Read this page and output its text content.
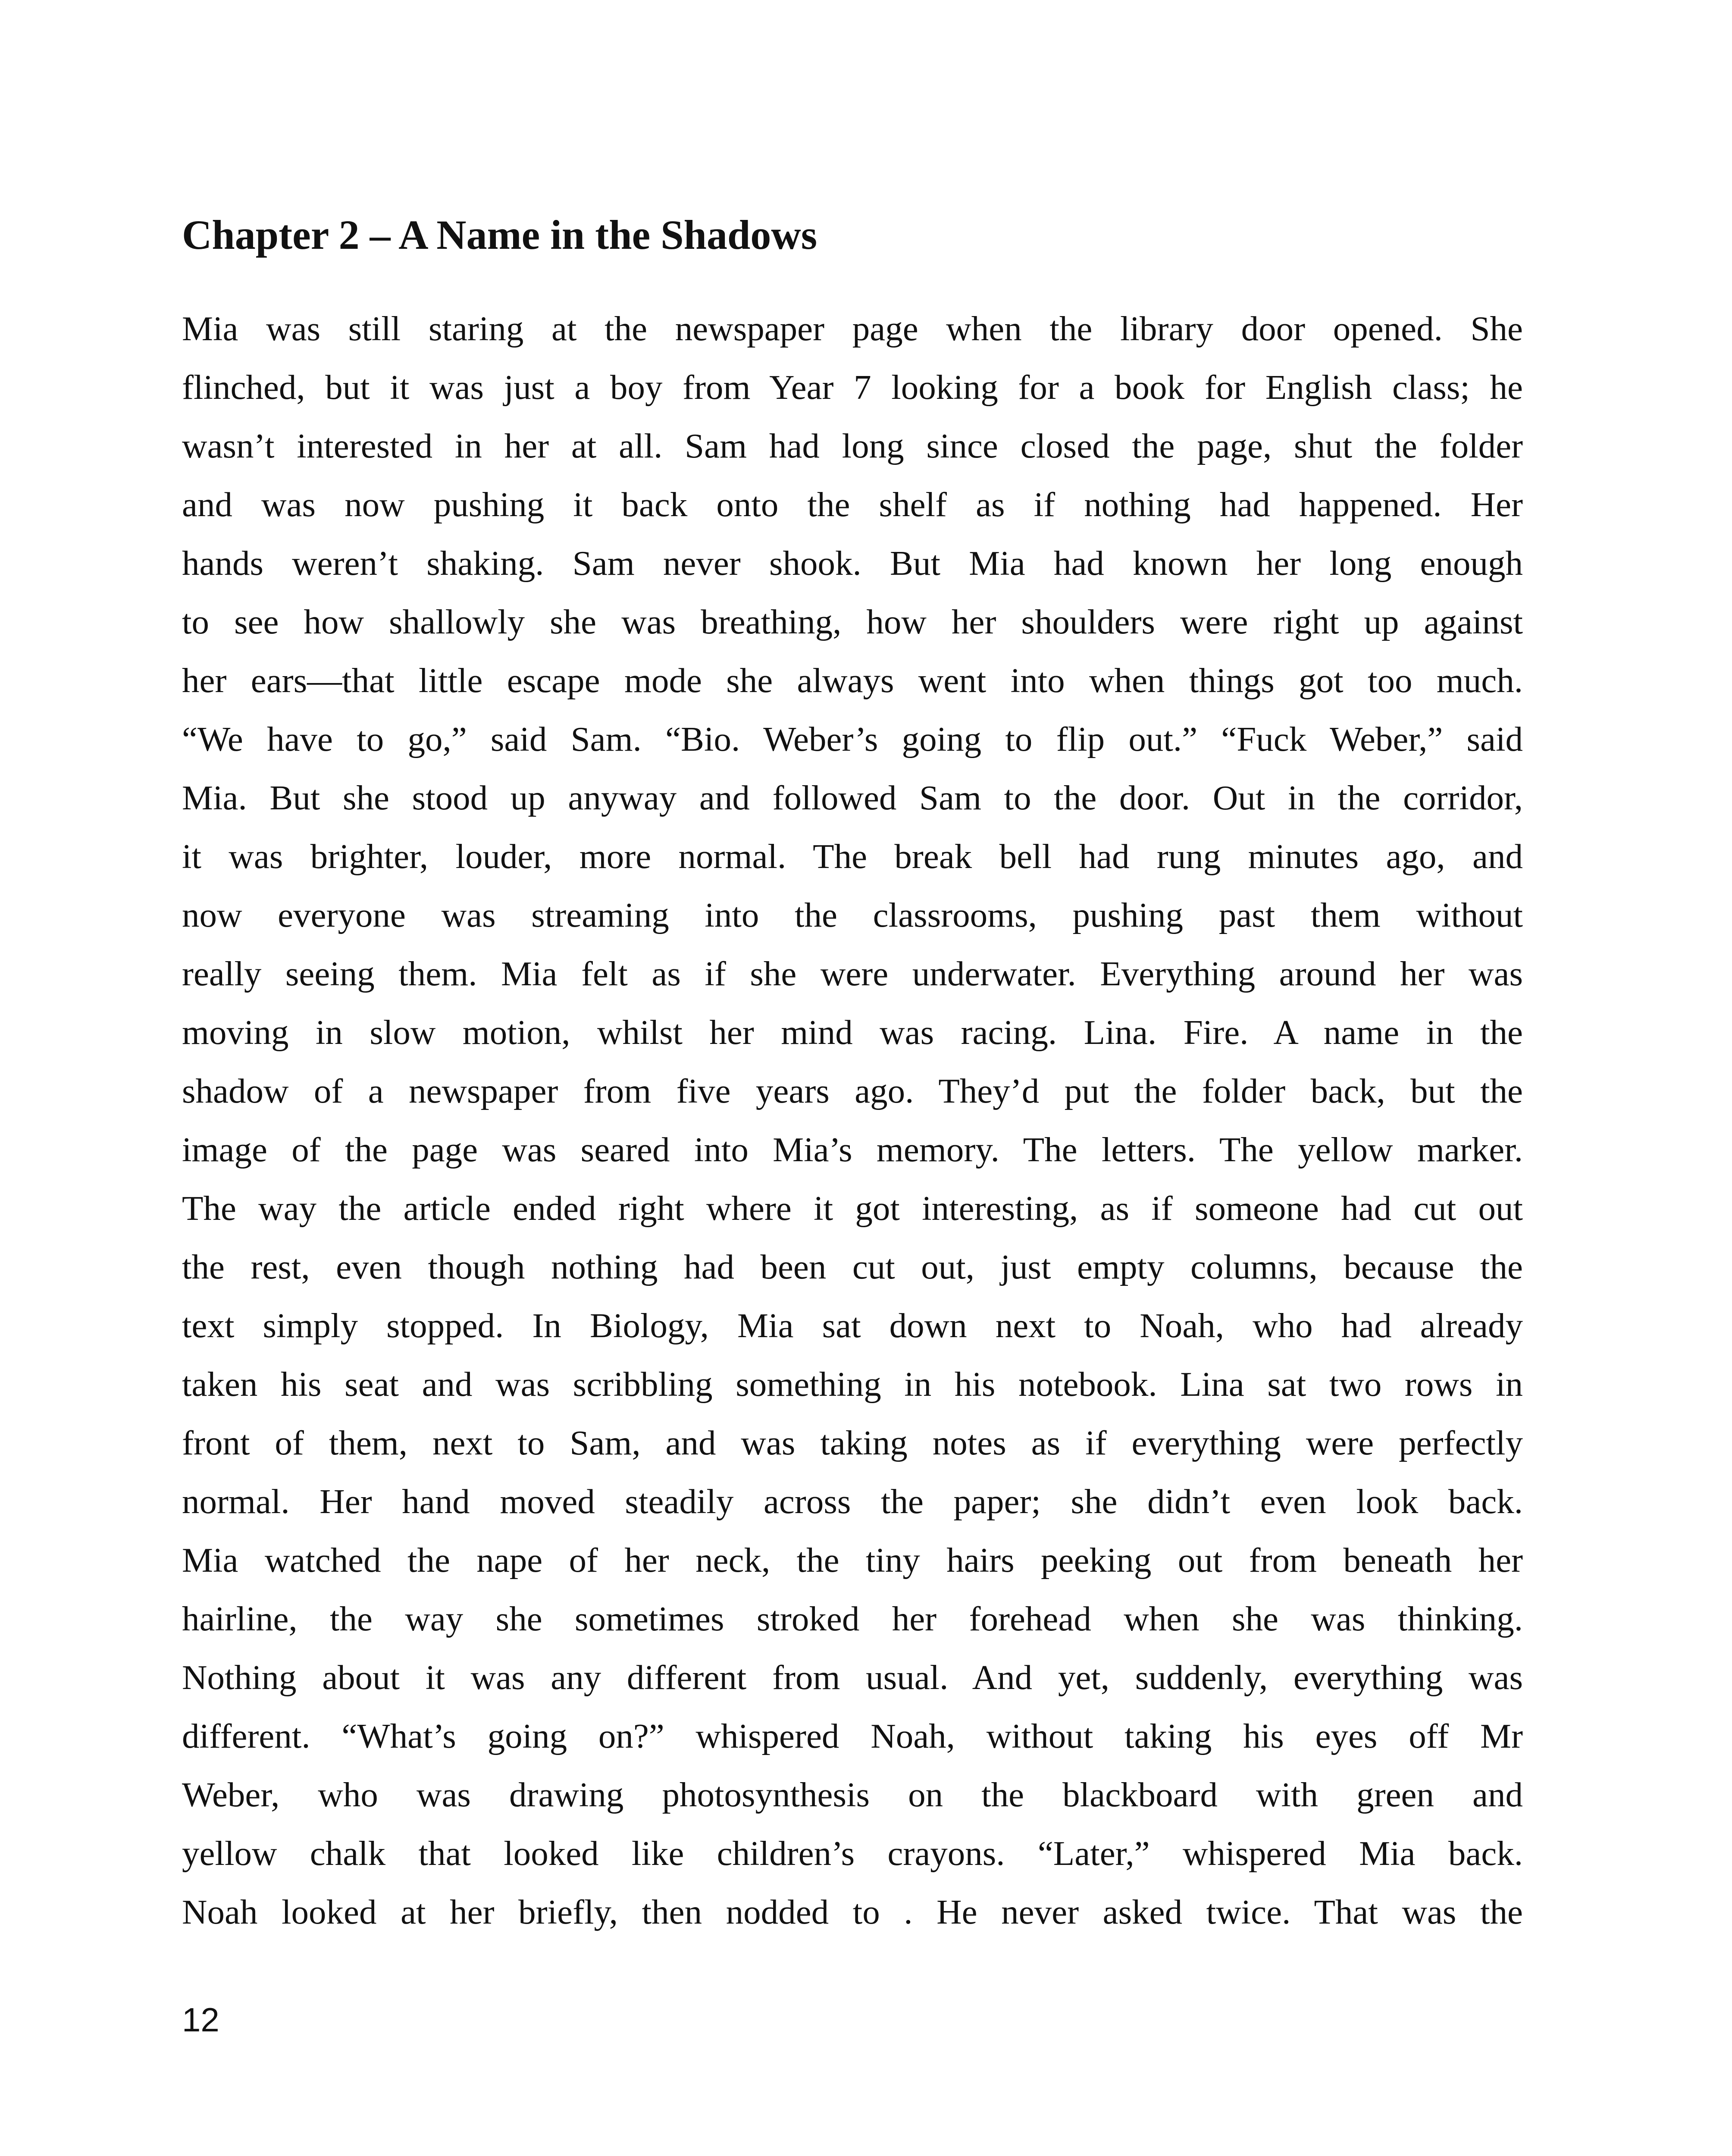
Chapter 2 – A Name in the Shadows
Mia was still staring at the newspaper page when the library door opened. She
flinched, but it was just a boy from Year 7 looking for a book for English class; he
wasn’t interested in her at all. Sam had long since closed the page, shut the folder
and was now pushing it back onto the shelf as if nothing had happened. Her
hands weren’t shaking. Sam never shook. But Mia had known her long enough
to see how shallowly she was breathing, how her shoulders were right up against
her ears—that little escape mode she always went into when things got too much.
“We have to go,” said Sam. “Bio. Weber’s going to flip out.” “Fuck Weber,” said
Mia. But she stood up anyway and followed Sam to the door. Out in the corridor,
it was brighter, louder, more normal. The break bell had rung minutes ago, and
now everyone was streaming into the classrooms, pushing past them without
really seeing them. Mia felt as if she were underwater. Everything around her was
moving in slow motion, whilst her mind was racing. Lina. Fire. A name in the
shadow of a newspaper from five years ago. They’d put the folder back, but the
image of the page was seared into Mia’s memory. The letters. The yellow marker.
The way the article ended right where it got interesting, as if someone had cut out
the rest, even though nothing had been cut out, just empty columns, because the
text simply stopped. In Biology, Mia sat down next to Noah, who had already
taken his seat and was scribbling something in his notebook. Lina sat two rows in
front of them, next to Sam, and was taking notes as if everything were perfectly
normal. Her hand moved steadily across the paper; she didn’t even look back.
Mia watched the nape of her neck, the tiny hairs peeking out from beneath her
hairline, the way she sometimes stroked her forehead when she was thinking.
Nothing about it was any different from usual. And yet, suddenly, everything was
different. “What’s going on?” whispered Noah, without taking his eyes off Mr
Weber, who was drawing photosynthesis on the blackboard with green and
yellow chalk that looked like children’s crayons. “Later,” whispered Mia back.
Noah looked at her briefly, then nodded to . He never asked twice. That was the
12
